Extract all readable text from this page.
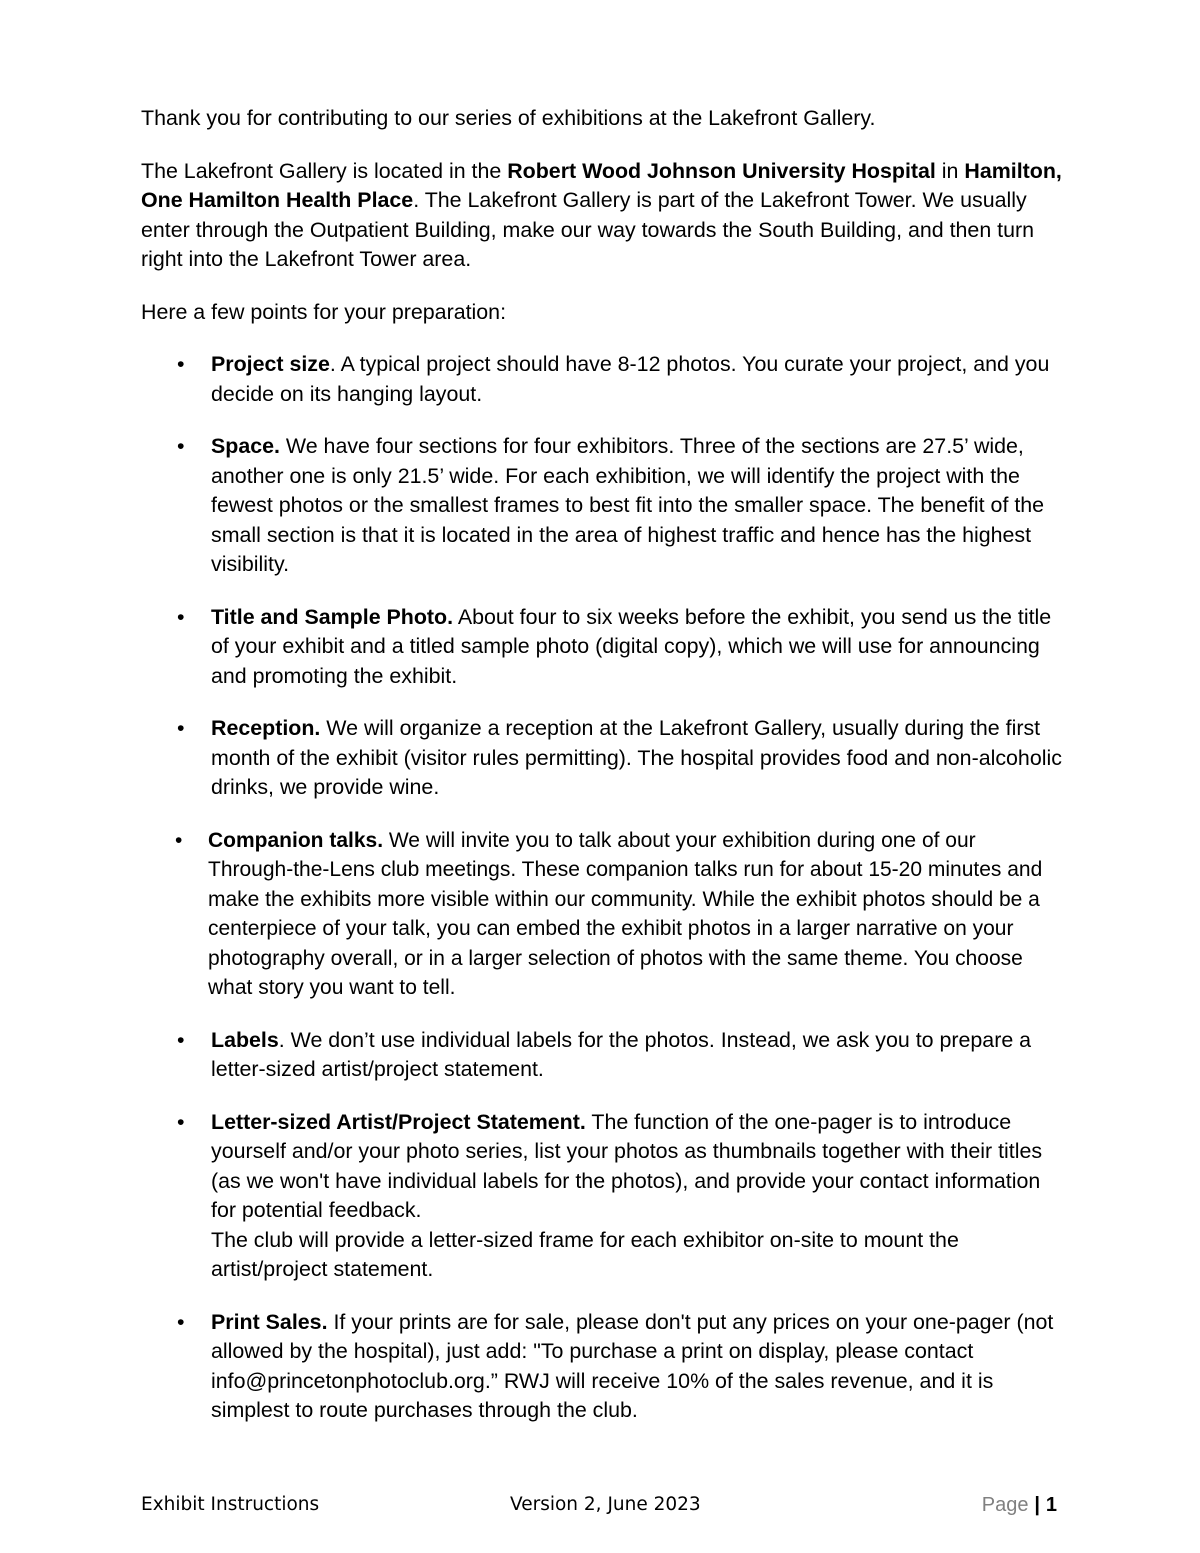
Thank you for contributing to our series of exhibitions at the Lakefront Gallery.

The Lakefront Gallery is located in the Robert Wood Johnson University Hospital in Hamilton, One Hamilton Health Place. The Lakefront Gallery is part of the Lakefront Tower. We usually enter through the Outpatient Building, make our way towards the South Building, and then turn right into the Lakefront Tower area.

Here a few points for your preparation:

• Project size. A typical project should have 8-12 photos. You curate your project, and you decide on its hanging layout.
• Space. We have four sections for four exhibitors. Three of the sections are 27.5’ wide, another one is only 21.5’ wide. For each exhibition, we will identify the project with the fewest photos or the smallest frames to best fit into the smaller space. The benefit of the small section is that it is located in the area of highest traffic and hence has the highest visibility.
• Title and Sample Photo. About four to six weeks before the exhibit, you send us the title of your exhibit and a titled sample photo (digital copy), which we will use for announcing and promoting the exhibit.
• Reception. We will organize a reception at the Lakefront Gallery, usually during the first month of the exhibit (visitor rules permitting). The hospital provides food and non-alcoholic drinks, we provide wine.
• Companion talks. We will invite you to talk about your exhibition during one of our Through-the-Lens club meetings. These companion talks run for about 15-20 minutes and make the exhibits more visible within our community. While the exhibit photos should be a centerpiece of your talk, you can embed the exhibit photos in a larger narrative on your photography overall, or in a larger selection of photos with the same theme. You choose what story you want to tell.
• Labels. We don’t use individual labels for the photos. Instead, we ask you to prepare a letter-sized artist/project statement.
• Letter-sized Artist/Project Statement. The function of the one-pager is to introduce yourself and/or your photo series, list your photos as thumbnails together with their titles (as we won't have individual labels for the photos), and provide your contact information for potential feedback.
The club will provide a letter-sized frame for each exhibitor on-site to mount the artist/project statement.
• Print Sales. If your prints are for sale, please don't put any prices on your one-pager (not allowed by the hospital), just add: "To purchase a print on display, please contact info@princetonphotoclub.org.” RWJ will receive 10% of the sales revenue, and it is simplest to route purchases through the club.
Exhibit Instructions	Version 2, June 2023	Page | 1
